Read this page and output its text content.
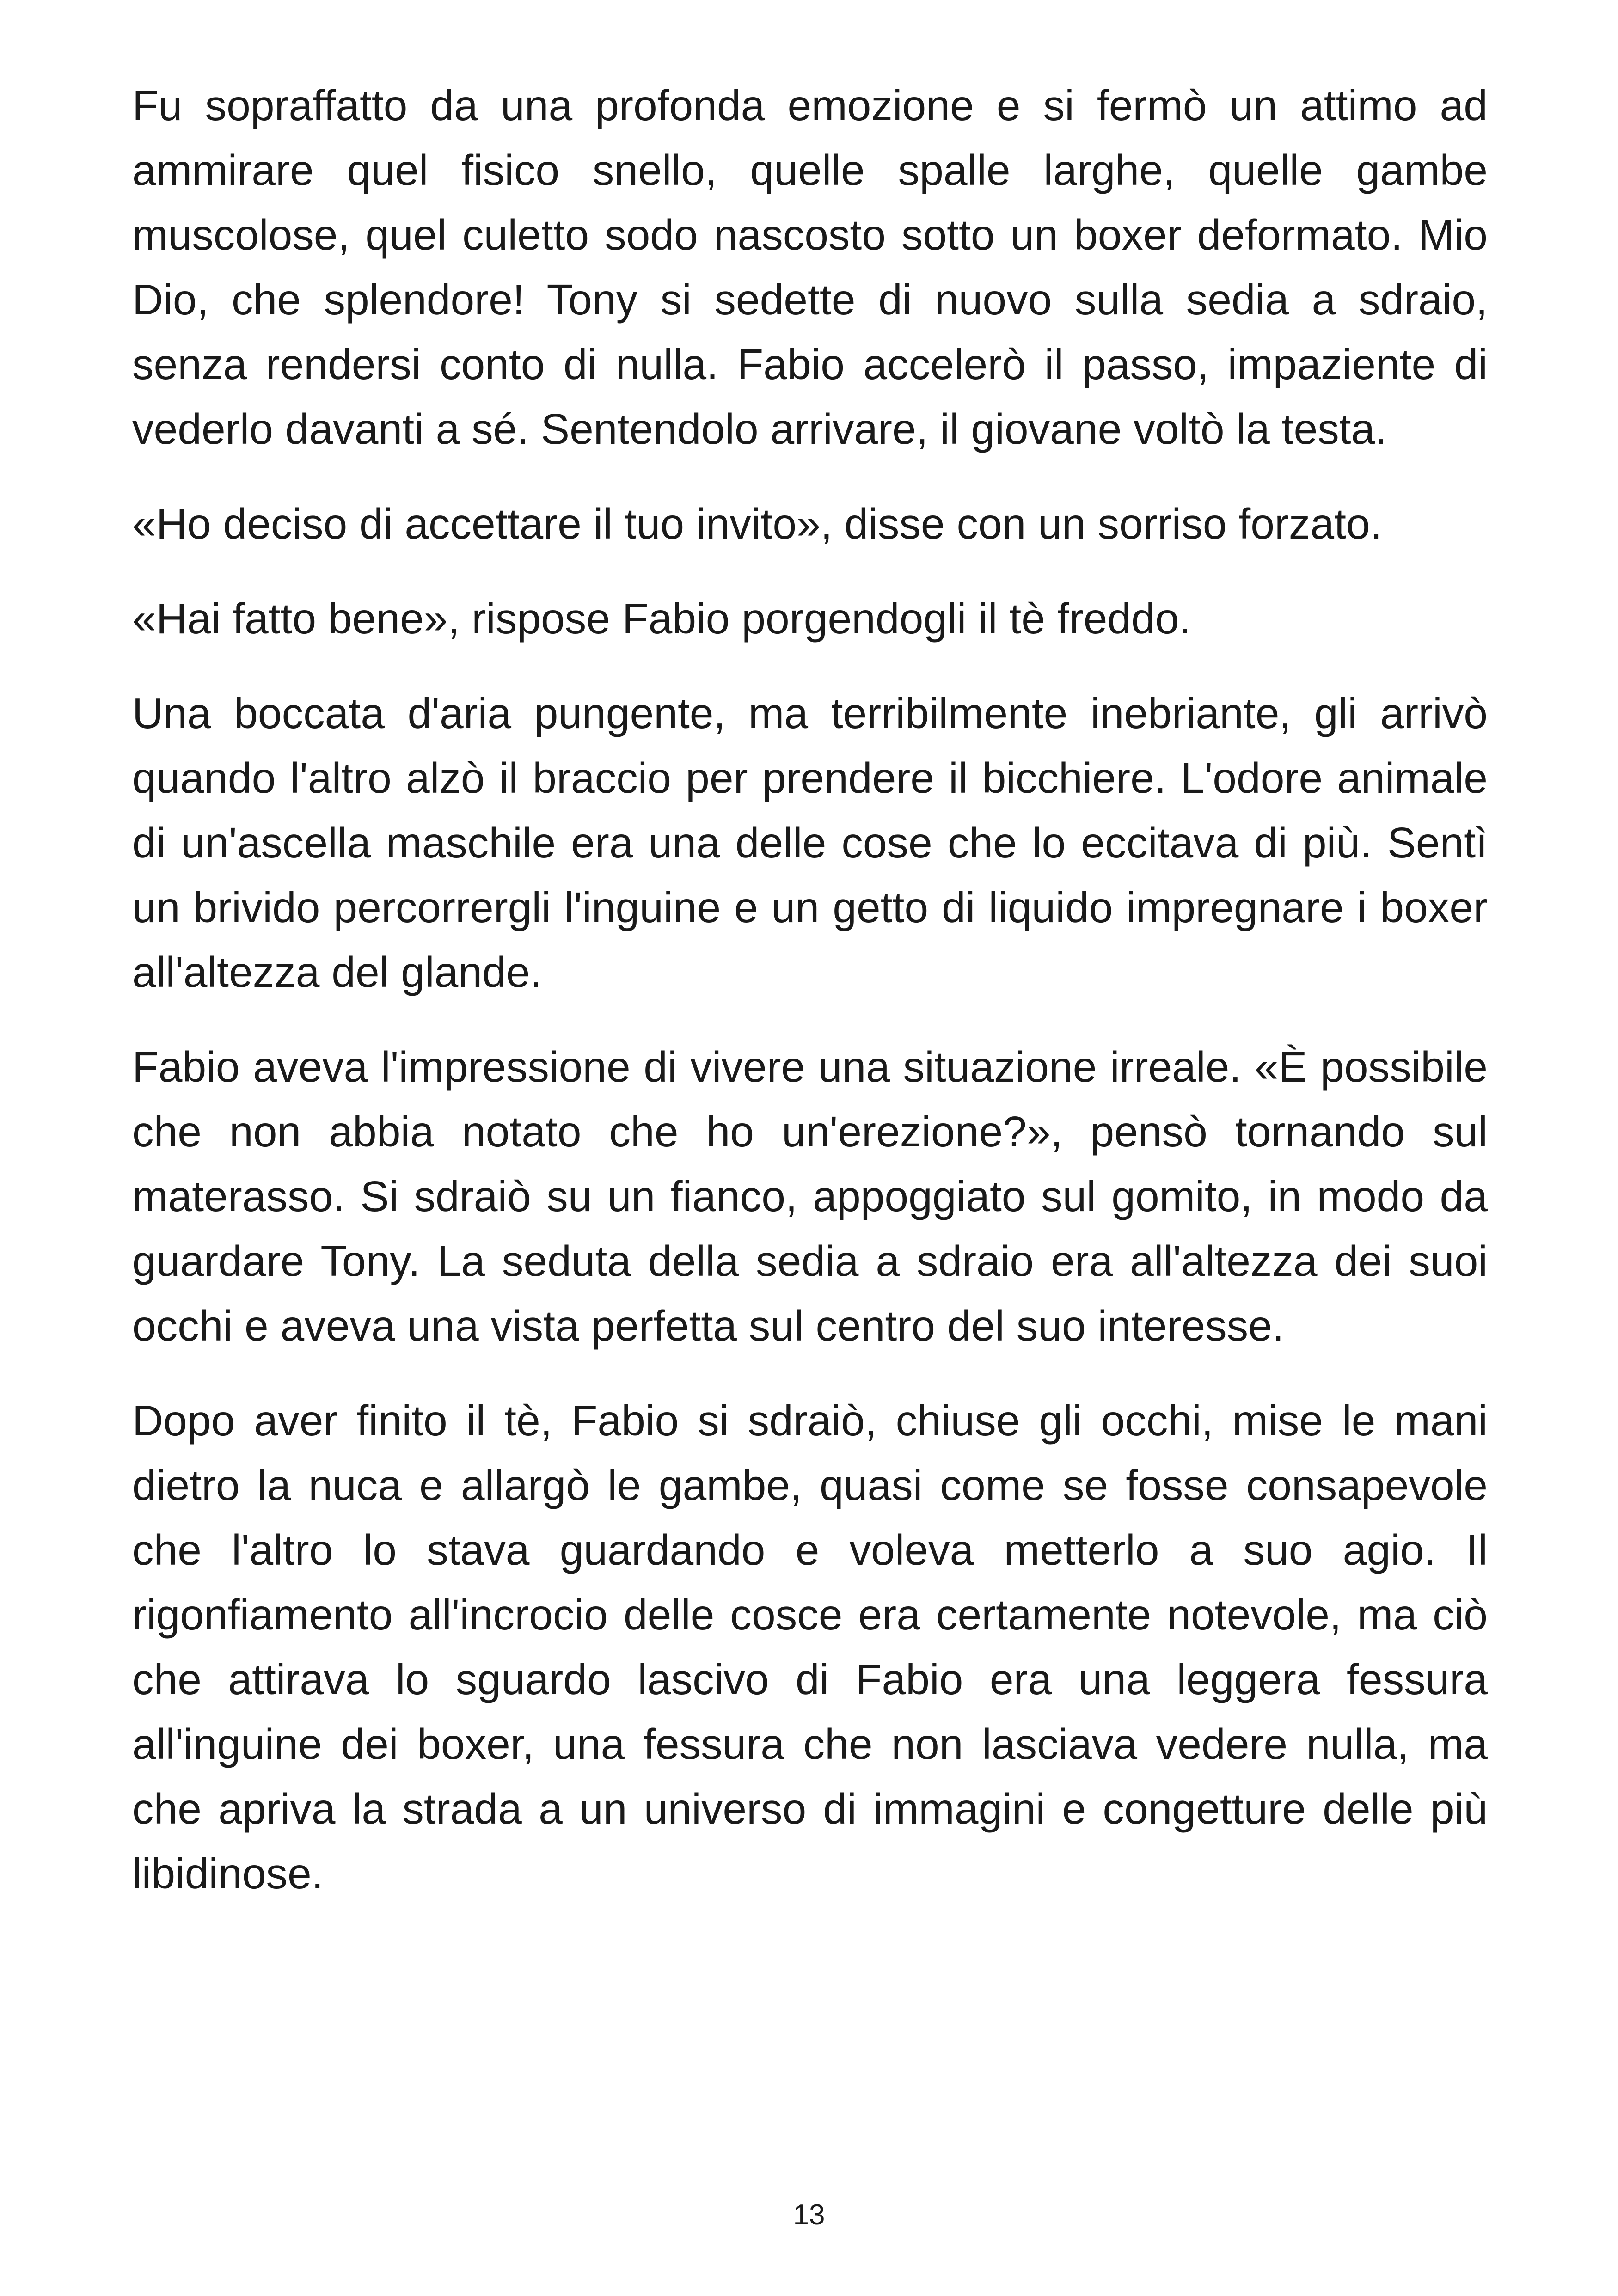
Fu sopraffatto da una profonda emozione e si fermò un attimo ad ammirare quel fisico snello, quelle spalle larghe, quelle gambe muscolose, quel culetto sodo nascosto sotto un boxer deformato. Mio Dio, che splendore! Tony si sedette di nuovo sulla sedia a sdraio, senza rendersi conto di nulla. Fabio accelerò il passo, impaziente di vederlo davanti a sé. Sentendolo arrivare, il giovane voltò la testa.

«Ho deciso di accettare il tuo invito», disse con un sorriso forzato.

«Hai fatto bene», rispose Fabio porgendogli il tè freddo.

Una boccata d'aria pungente, ma terribilmente inebriante, gli arrivò quando l'altro alzò il braccio per prendere il bicchiere. L'odore animale di un'ascella maschile era una delle cose che lo eccitava di più. Sentì un brivido percorrergli l'inguine e un getto di liquido impregnare i boxer all'altezza del glande.

Fabio aveva l'impressione di vivere una situazione irreale. «È possibile che non abbia notato che ho un'erezione?», pensò tornando sul materasso. Si sdraiò su un fianco, appoggiato sul gomito, in modo da guardare Tony. La seduta della sedia a sdraio era all'altezza dei suoi occhi e aveva una vista perfetta sul centro del suo interesse.

Dopo aver finito il tè, Fabio si sdraiò, chiuse gli occhi, mise le mani dietro la nuca e allargò le gambe, quasi come se fosse consapevole che l'altro lo stava guardando e voleva metterlo a suo agio. Il rigonfiamento all'incrocio delle cosce era certamente notevole, ma ciò che attirava lo sguardo lascivo di Fabio era una leggera fessura all'inguine dei boxer, una fessura che non lasciava vedere nulla, ma che apriva la strada a un universo di immagini e congetture delle più libidinose.

13
